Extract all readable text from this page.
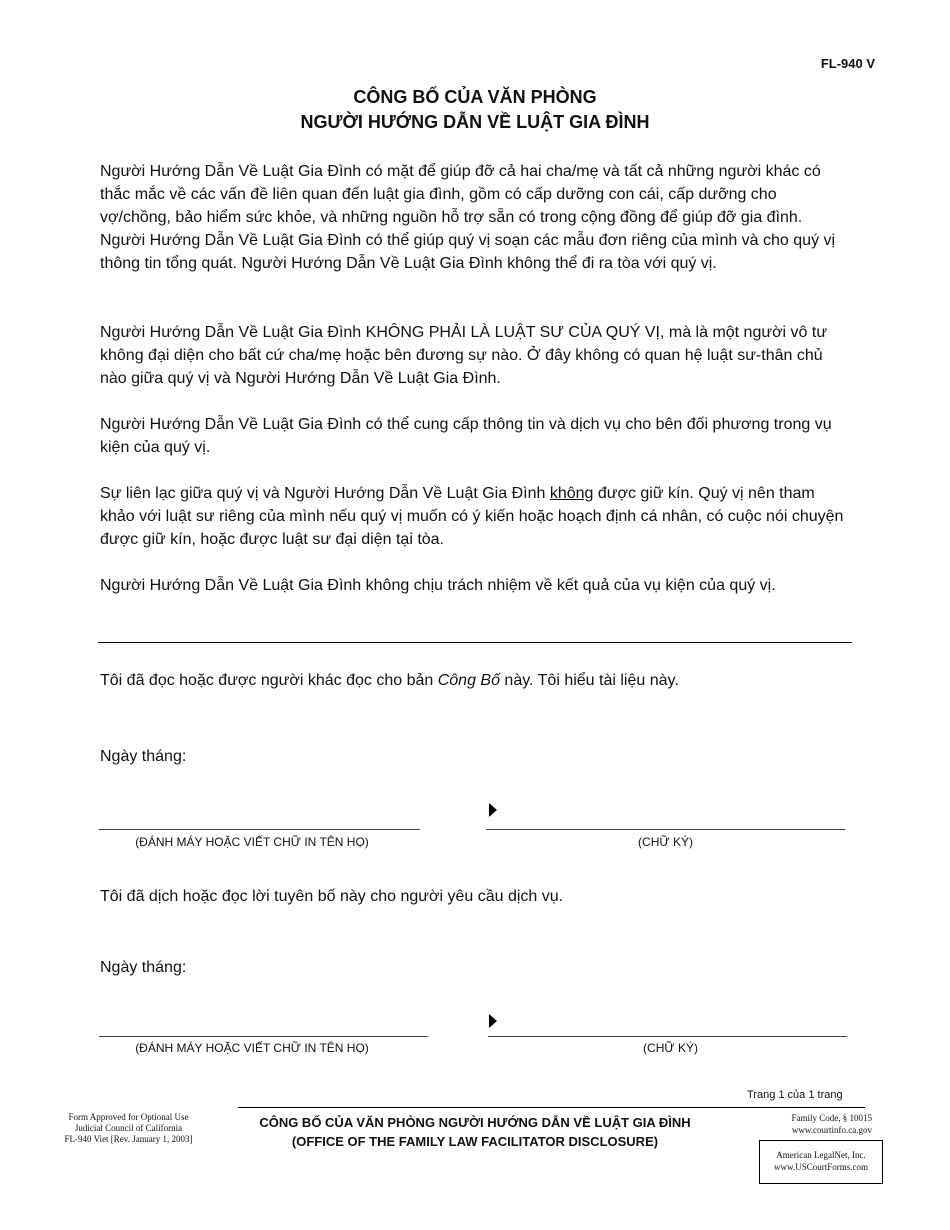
FL-940 V
CÔNG BỐ CỦA VĂN PHÒNG
NGƯỜI HƯỚNG DẪN VỀ LUẬT GIA ĐÌNH

Người Hướng Dẫn Về Luật Gia Đình có mặt để giúp đỡ cả hai cha/mẹ và tất cả những người khác có thắc mắc về các vấn đề liên quan đến luật gia đình, gồm có cấp dưỡng con cái, cấp dưỡng cho vợ/chồng, bảo hiểm sức khỏe, và những nguồn hỗ trợ sẵn có trong cộng đồng để giúp đỡ gia đình. Người Hướng Dẫn Về Luật Gia Đình có thể giúp quý vị soạn các mẫu đơn riêng của mình và cho quý vị thông tin tổng quát. Người Hướng Dẫn Về Luật Gia Đình không thể đi ra tòa với quý vị.

Người Hướng Dẫn Về Luật Gia Đình KHÔNG PHẢI LÀ LUẬT SƯ CỦA QUÝ VỊ, mà là một người vô tư không đại diện cho bất cứ cha/mẹ hoặc bên đương sự nào. Ở đây không có quan hệ luật sư-thân chủ nào giữa quý vị và Người Hướng Dẫn Về Luật Gia Đình.

Người Hướng Dẫn Về Luật Gia Đình có thể cung cấp thông tin và dịch vụ cho bên đối phương trong vụ kiện của quý vị.

Sự liên lạc giữa quý vị và Người Hướng Dẫn Về Luật Gia Đình không được giữ kín. Quý vị nên tham khảo với luật sư riêng của mình nếu quý vị muốn có ý kiến hoặc hoạch định cá nhân, có cuộc nói chuyện được giữ kín, hoặc được luật sư đại diện tại tòa.

Người Hướng Dẫn Về Luật Gia Đình không chịu trách nhiệm về kết quả của vụ kiện của quý vị.

Tôi đã đọc hoặc được người khác đọc cho bản Công Bố này. Tôi hiểu tài liệu này.

Ngày tháng:
(ĐÁNH MÁY HOẶC VIẾT CHỮ IN TÊN HỌ)	(CHỮ KÝ)

Tôi đã dịch hoặc đọc lời tuyên bố này cho người yêu cầu dịch vụ.

Ngày tháng:
(ĐÁNH MÁY HOẶC VIẾT CHỮ IN TÊN HỌ)	(CHỮ KÝ)
Trang 1 của 1 trang
Form Approved for Optional Use
Judicial Council of California
FL-940 Viet [Rev. January 1, 2003]
CÔNG BỐ CỦA VĂN PHÒNG NGƯỜI HƯỚNG DẪN VỀ LUẬT GIA ĐÌNH
(OFFICE OF THE FAMILY LAW FACILITATOR DISCLOSURE)
Family Code, § 10015
www.courtinfo.ca.gov
American LegalNet, Inc.
www.USCourtForms.com
